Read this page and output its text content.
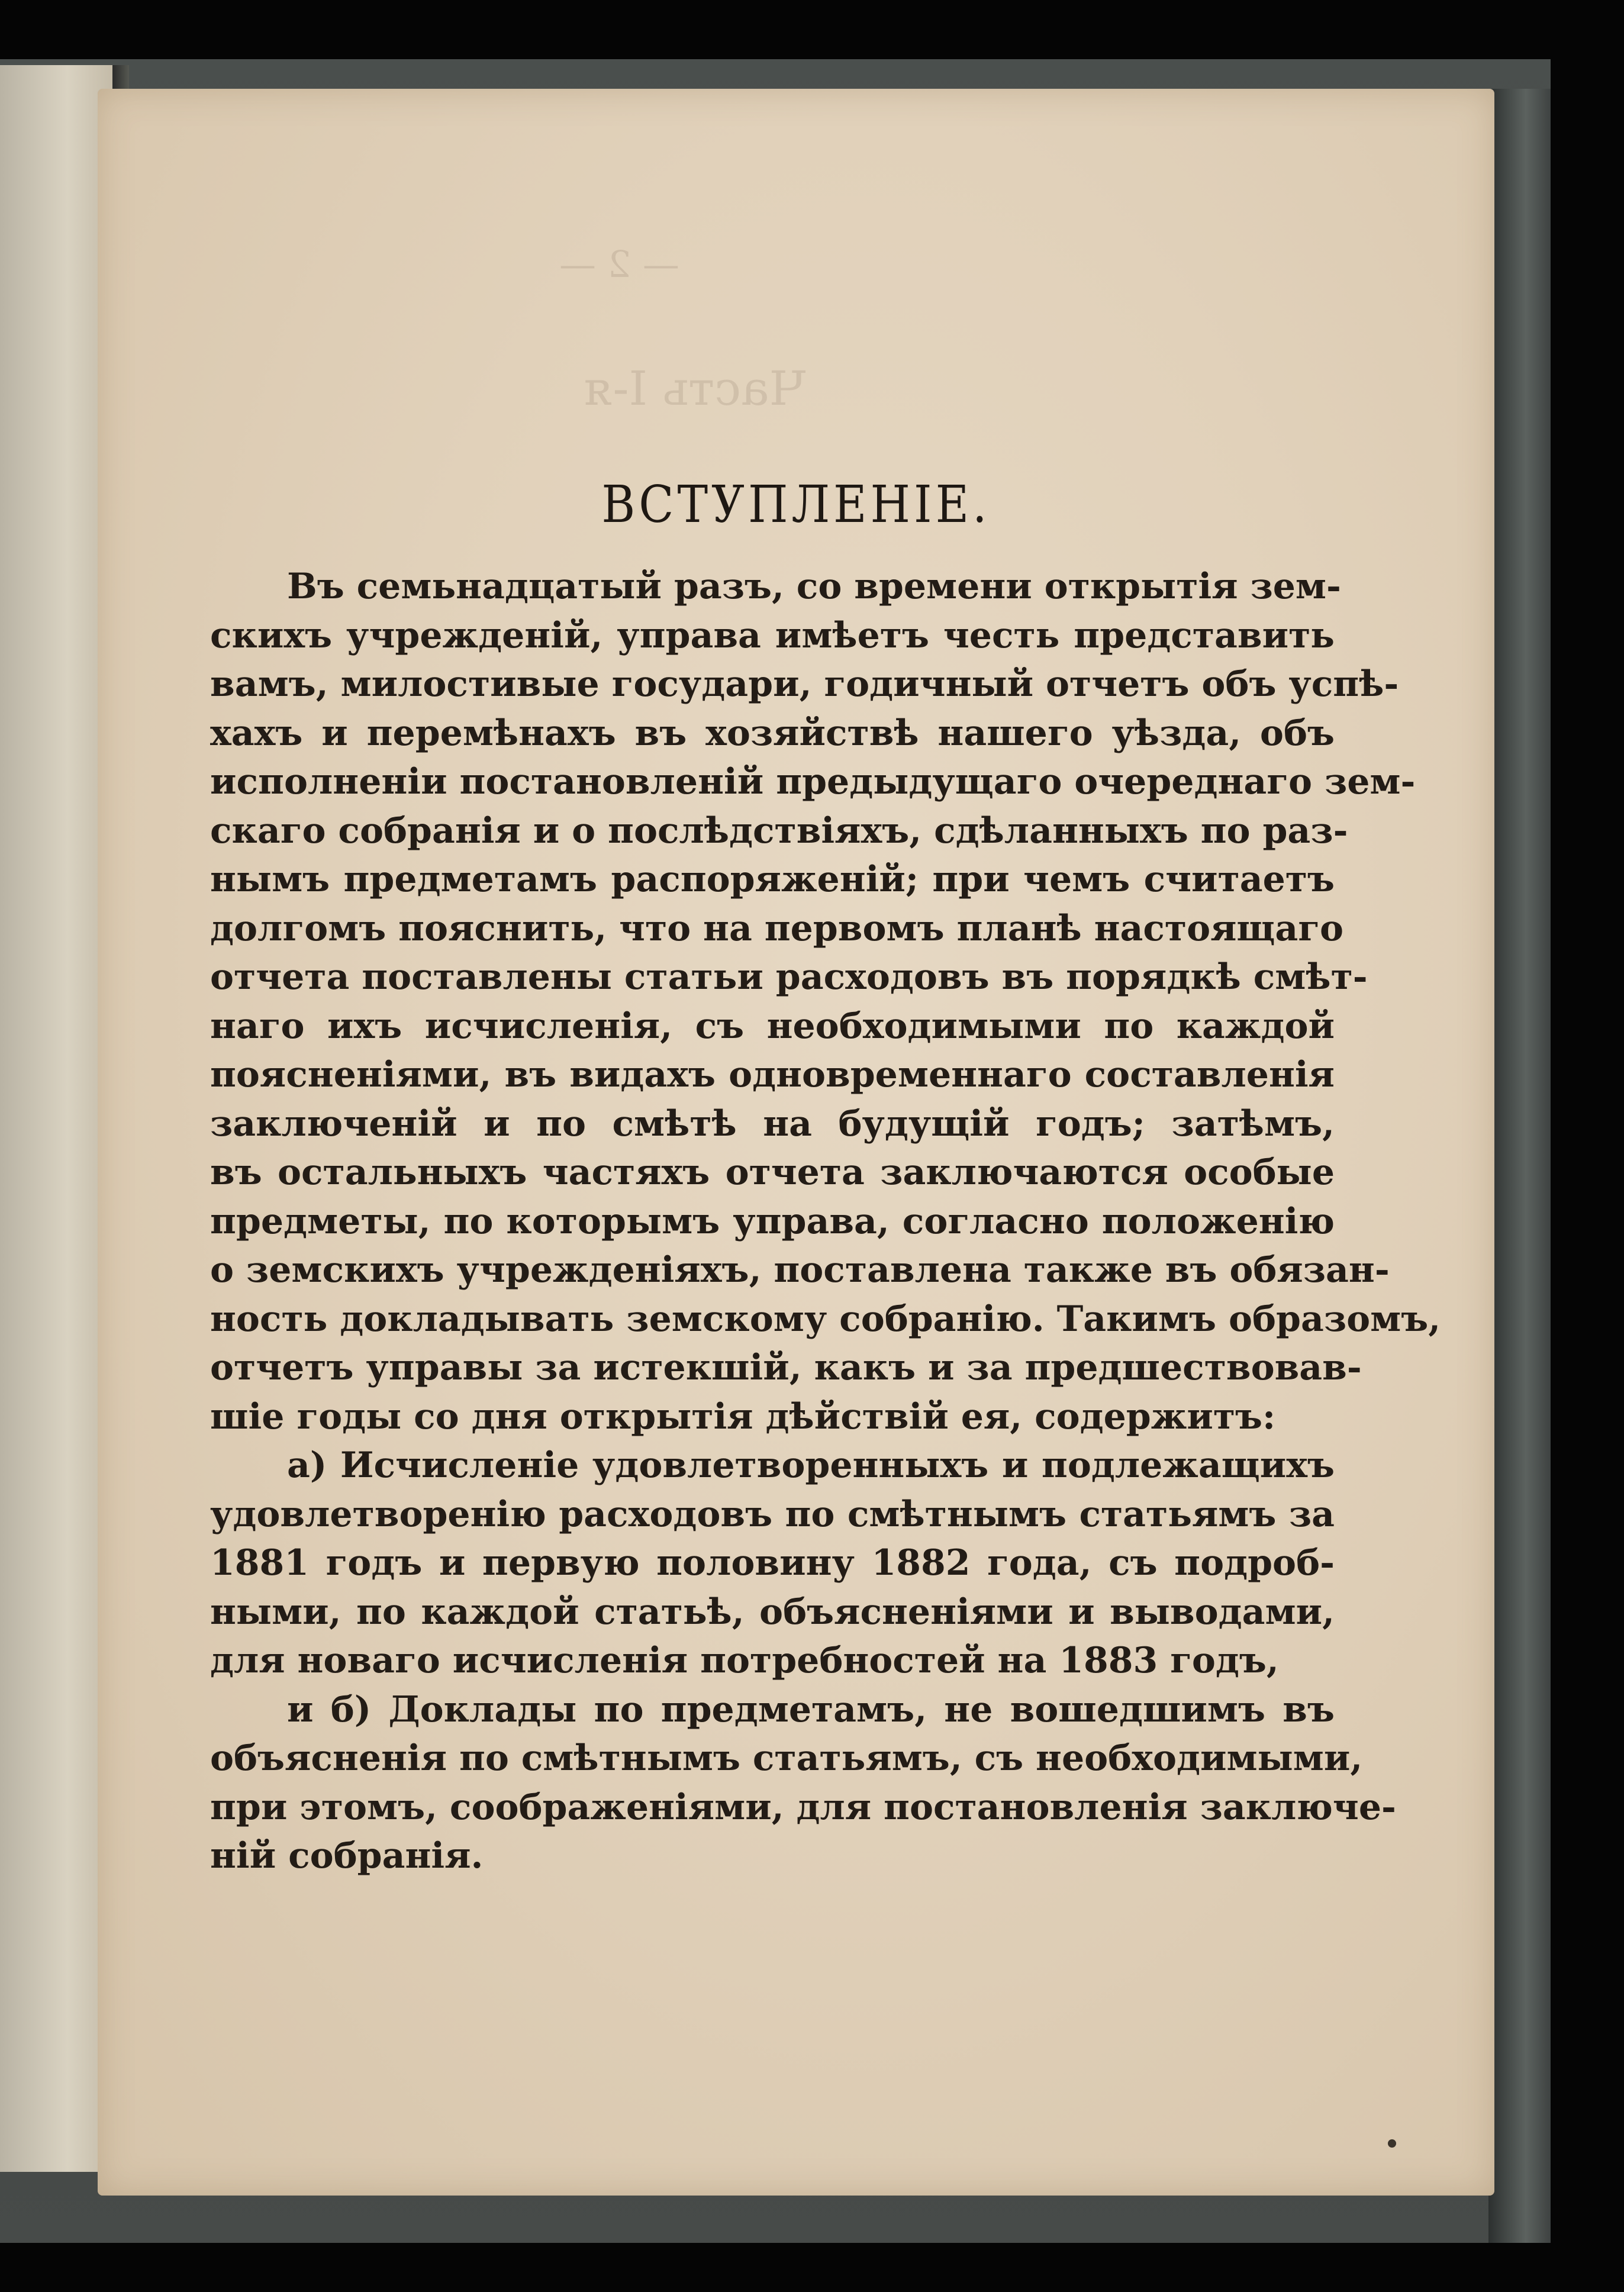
— 2 —
Часть I-я
ВСТУПЛЕНІЕ.
Въ семьнадцатый разъ, со времени открытія зем-
скихъ учрежденій, управа имѣетъ честь представить
вамъ, милостивые государи, годичный отчетъ объ успѣ-
хахъ и перемѣнахъ въ хозяйствѣ нашего уѣзда, объ
исполненіи постановленій предыдущаго очереднаго зем-
скаго собранія и о послѣдствіяхъ, сдѣланныхъ по раз-
нымъ предметамъ распоряженій; при чемъ считаетъ
долгомъ пояснить, что на первомъ планѣ настоящаго
отчета поставлены статьи расходовъ въ порядкѣ смѣт-
наго ихъ исчисленія, съ необходимыми по каждой
поясненіями, въ видахъ одновременнаго составленія
заключеній и по смѣтѣ на будущій годъ; затѣмъ,
въ остальныхъ частяхъ отчета заключаются особые
предметы, по которымъ управа, согласно положенію
о земскихъ учрежденіяхъ, поставлена также въ обязан-
ность докладывать земскому собранію. Такимъ образомъ,
отчетъ управы за истекшій, какъ и за предшествовав-
шіе годы со дня открытія дѣйствій ея, содержитъ:
а) Исчисленіе удовлетворенныхъ и подлежащихъ
удовлетворенію расходовъ по смѣтнымъ статьямъ за
1881 годъ и первую половину 1882 года, съ подроб-
ными, по каждой статьѣ, объясненіями и выводами,
для новаго исчисленія потребностей на 1883 годъ,
и б) Доклады по предметамъ, не вошедшимъ въ
объясненія по смѣтнымъ статьямъ, съ необходимыми,
при этомъ, соображеніями, для постановленія заключе-
ній собранія.
